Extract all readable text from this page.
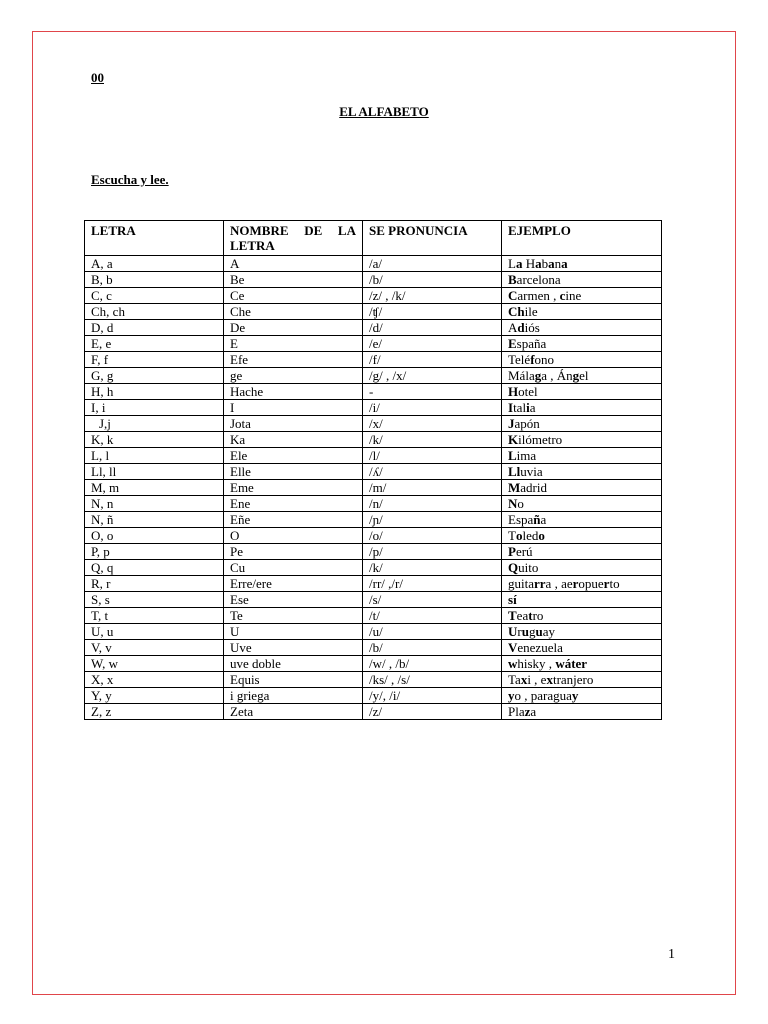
00
EL ALFABETO
Escucha y lee.
LETRA	NOMBRE DE LA LETRA	SE PRONUNCIA	EJEMPLO
A, a	A	/a/	La Habana
B, b	Be	/b/	Barcelona
C, c	Ce	/z/ , /k/	Carmen , cine
Ch, ch	Che	/ʧ/	Chile
D, d	De	/d/	Adiós
E, e	E	/e/	España
F, f	Efe	/f/	Teléfono
G, g	ge	/g/ , /x/	Málaga , Ángel
H, h	Hache	-	Hotel
I, i	I	/i/	Italia
J,j	Jota	/x/	Japón
K, k	Ka	/k/	Kilómetro
L, l	Ele	/l/	Lima
Ll, ll	Elle	/ʎ/	Lluvia
M, m	Eme	/m/	Madrid
N, n	Ene	/n/	No
N, ñ	Eñe	/ɲ/	España
O, o	O	/o/	Toledo
P, p	Pe	/p/	Perú
Q, q	Cu	/k/	Quito
R, r	Erre/ere	/rr/ ,/r/	guitarra , aeropuerto
S, s	Ese	/s/	sí
T, t	Te	/t/	Teatro
U, u	U	/u/	Uruguay
V, v	Uve	/b/	Venezuela
W, w	uve doble	/w/ , /b/	whisky , wáter
X, x	Equis	/ks/ , /s/	Taxi , extranjero
Y, y	i griega	/y/, /i/	yo , paraguay
Z, z	Zeta	/z/	Plaza
1
